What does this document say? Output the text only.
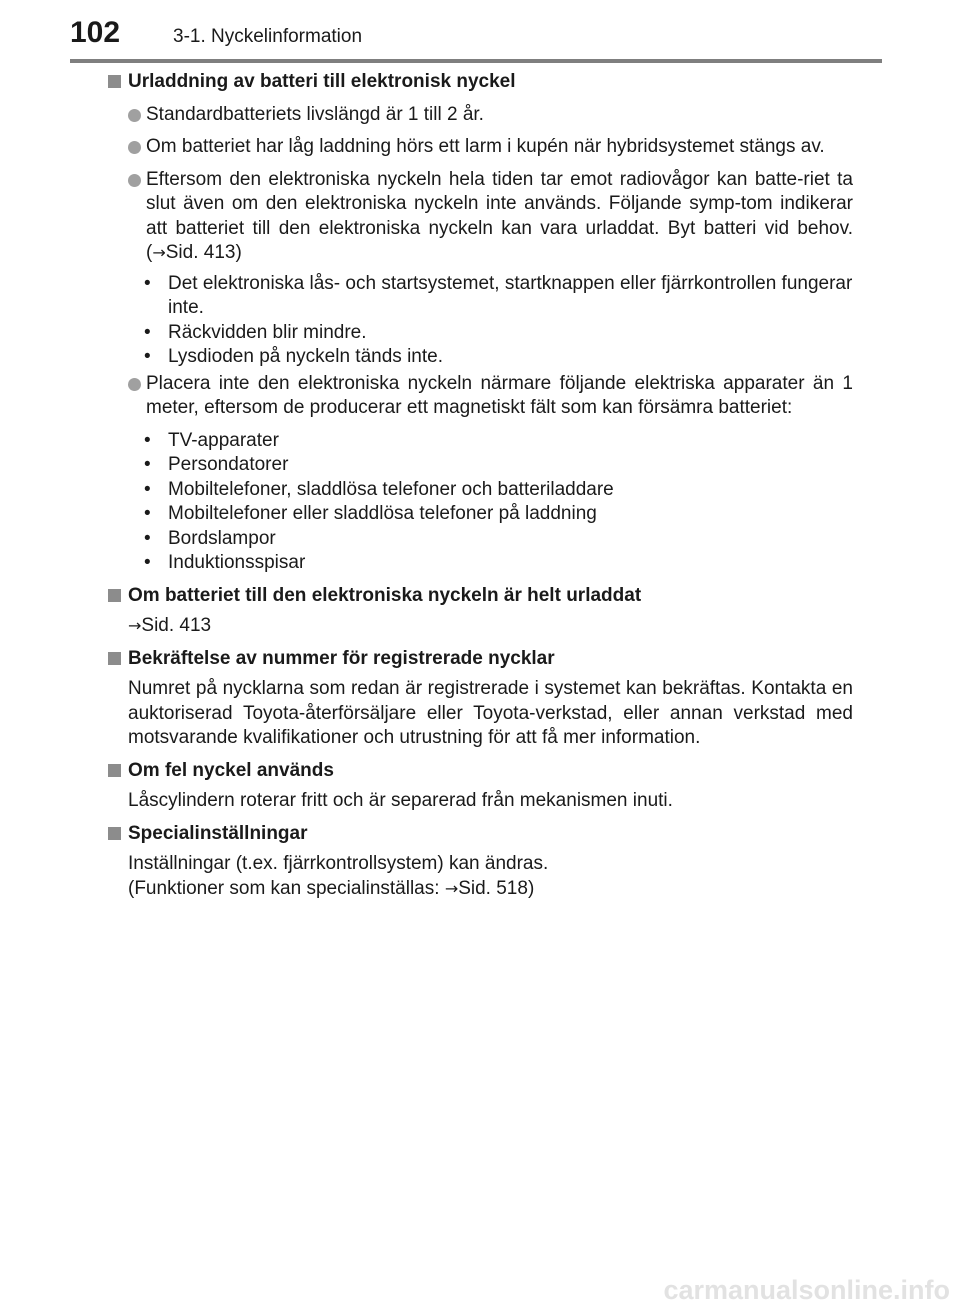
102	3-1. Nyckelinformation

Urladdning av batteri till elektronisk nyckel

Standardbatteriets livslängd är 1 till 2 år.

Om batteriet har låg laddning hörs ett larm i kupén när hybridsystemet stängs av.

Eftersom den elektroniska nyckeln hela tiden tar emot radiovågor kan batte-riet ta slut även om den elektroniska nyckeln inte används. Följande symp-tom indikerar att batteriet till den elektroniska nyckeln kan vara urladdat. Byt batteri vid behov. (→Sid. 413)

• Det elektroniska lås- och startsystemet, startknappen eller fjärrkontrollen fungerar inte.
• Räckvidden blir mindre.
• Lysdioden på nyckeln tänds inte.

Placera inte den elektroniska nyckeln närmare följande elektriska apparater än 1 meter, eftersom de producerar ett magnetiskt fält som kan försämra batteriet:

• TV-apparater
• Persondatorer
• Mobiltelefoner, sladdlösa telefoner och batteriladdare
• Mobiltelefoner eller sladdlösa telefoner på laddning
• Bordslampor
• Induktionsspisar

Om batteriet till den elektroniska nyckeln är helt urladdat

→Sid. 413

Bekräftelse av nummer för registrerade nycklar

Numret på nycklarna som redan är registrerade i systemet kan bekräftas. Kontakta en auktoriserad Toyota-återförsäljare eller Toyota-verkstad, eller annan verkstad med motsvarande kvalifikationer och utrustning för att få mer information.

Om fel nyckel används

Låscylindern roterar fritt och är separerad från mekanismen inuti.

Specialinställningar

Inställningar (t.ex. fjärrkontrollsystem) kan ändras.

(Funktioner som kan specialinställas: →Sid. 518)

carmanualsonline.info
